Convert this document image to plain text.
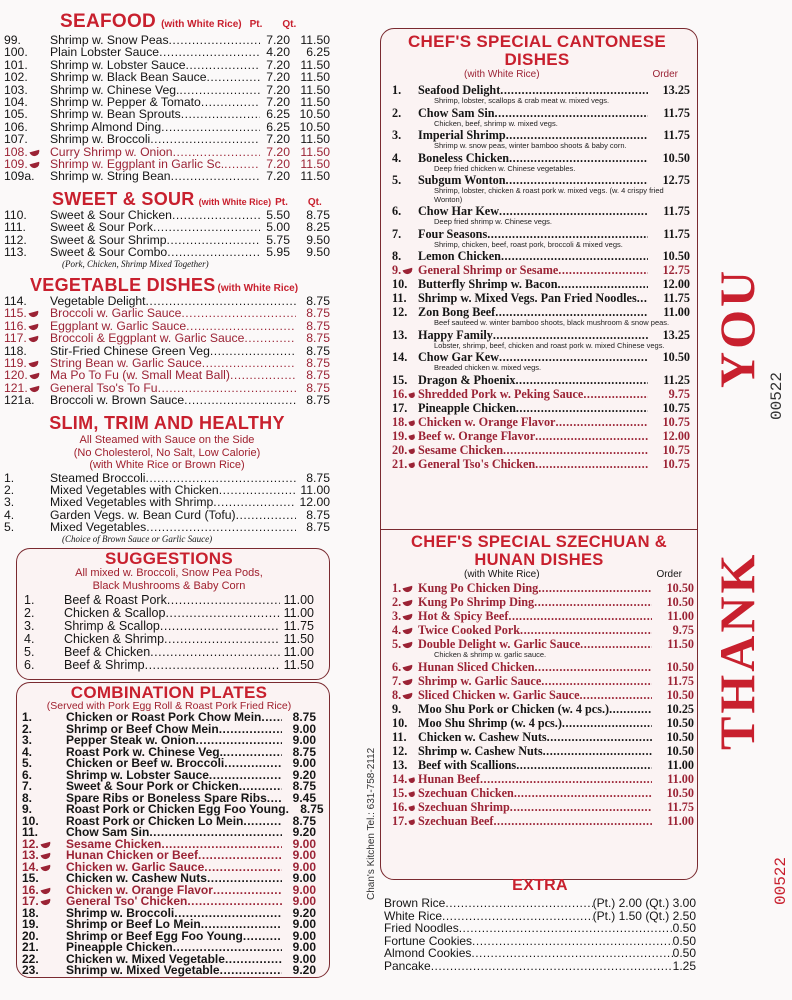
SEAFOOD (with White Rice) Pt. Qt.
99. Shrimp w. Snow Peas .....	7.20 11.50
100. Plain Lobster Sauce .....	4.20	6.25
101. Shrimp w. Lobster Sauce .....	7.20 11.50
102. Shrimp w. Black Bean Sauce .....	7.20 11.50
103. Shrimp w. Chinese Veg. .....	7.20 11.50
104. Shrimp w. Pepper & Tomato .....	7.20 11.50
105. Shrimp w. Bean Sprouts .....	6.25 10.50
106. Shrimp Almond Ding .....	6.25 10.50
107. Shrimp w. Broccoli .....	7.20 11.50
108. Curry Shrimp w. Onion .....	7.20 11.50
109. Shrimp w. Eggplant in Garlic Sc. .....	7.20 11.50
109a. Shrimp w. String Bean .....	7.20 11.50
SWEET & SOUR (with White Rice) Pt. Qt.
110. Sweet & Sour Chicken .....	5.50	8.75
111. Sweet & Sour Pork .....	5.00	8.25
112. Sweet & Sour Shrimp .....	5.75	9.50
113. Sweet & Sour Combo .....	5.95	9.50
(Pork, Chicken, Shrimp Mixed Together)
VEGETABLE DISHES (with White Rice)
114. Vegetable Delight .....	8.75
115. Broccoli w. Garlic Sauce .....	8.75
116. Eggplant w. Garlic Sauce .....	8.75
117. Broccoli & Eggplant w. Garlic Sauce .....	8.75
118. Stir-Fried Chinese Green Veg .....	8.75
119. String Bean w. Garlic Sauce .....	8.75
120. Ma Po To Fu (w. Small Meat Ball) .....	8.75
121. General Tso's To Fu .....	8.75
121a. Broccoli w. Brown Sauce .....	8.75
SLIM, TRIM AND HEALTHY
All Steamed with Sauce on the Side
(No Cholesterol, No Salt, Low Calorie)
(with White Rice or Brown Rice)
1.	Steamed Broccoli .....	8.75
2.	Mixed Vegetables with Chicken .....	11.00
3.	Mixed Vegetables with Shrimp .....	12.00
4.	Garden Vegs. w. Bean Curd (Tofu) .....	8.75
5.	Mixed Vegetables .....	8.75
(Choice of Brown Sauce or Garlic Sauce)
SUGGESTIONS
All mixed w. Broccoli, Snow Pea Pods,
Black Mushrooms & Baby Corn
1. Beef & Roast Pork .....	11.00
2. Chicken & Scallop .....	11.00
3. Shrimp & Scallop .....	11.75
4. Chicken & Shrimp .....	11.50
5. Beef & Chicken .....	11.00
6. Beef & Shrimp .....	11.50
COMBINATION PLATES
(Served with Pork Egg Roll & Roast Pork Fried Rice)
1.	Chicken or Roast Pork Chow Mein .....	8.75
2.	Shrimp or Beef Chow Mein .....	9.00
3.	Pepper Steak w. Onion .....	9.00
4.	Roast Pork w. Chinese Veg. .....	8.75
5.	Chicken or Beef w. Broccoli .....	9.00
6.	Shrimp w. Lobster Sauce .....	9.20
7.	Sweet & Sour Pork or Chicken .....	8.75
8.	Spare Ribs or Boneless Spare Ribs .....	9.45
9.	Roast Pork or Chicken Egg Foo Young .....	8.75
10. Roast Pork or Chicken Lo Mein .....	8.75
11. Chow Sam Sin .....	9.20
12. Sesame Chicken .....	9.00
13. Hunan Chicken or Beef .....	9.00
14. Chicken w. Garlic Sauce .....	9.00
15. Chicken w. Cashew Nuts .....	9.00
16. Chicken w. Orange Flavor .....	9.00
17. General Tso' Chicken .....	9.00
18. Shrimp w. Broccoli .....	9.20
19. Shrimp or Beef Lo Mein .....	9.00
20. Shrimp or Beef Egg Foo Young .....	9.00
21. Pineapple Chicken .....	9.00
22. Chicken w. Mixed Vegetable .....	9.00
23. Shrimp w. Mixed Vegetable .....	9.20
CHEF'S SPECIAL CANTONESE
DISHES
(with White Rice)	Order
1. Seafood Delight .....	13.25
Shrimp, lobster, scallops & crab meat w. mixed vegs.
2. Chow Sam Sin .....	11.75
Chicken, beef, shrimp w. mixed vegs.
3. Imperial Shrimp .....	11.75
Shrimp w. snow peas, winter bamboo shoots & baby corn.
4. Boneless Chicken .....	10.50
Deep fried chicken w. Chinese vegetables.
5. Subgum Wonton .....	12.75
Shrimp, lobster, chicken & roast pork w. mixed vegs. (w. 4 crispy fried Wonton)
6. Chow Har Kew .....	11.75
Deep fried shrimp w. Chinese vegs.
7. Four Seasons .....	11.75
Shrimp, chicken, beef, roast pork, broccoli & mixed vegs.
8. Lemon Chicken .....	10.50
9. General Shrimp or Sesame .....	12.75
10. Butterfly Shrimp w. Bacon .....	12.00
11. Shrimp w. Mixed Vegs. Pan Fried Noodles .....	11.75
12. Zon Bong Beef .....	11.00
Beef sauteed w. winter bamboo shoots, black mushroom & snow peas.
13. Happy Family .....	13.25
Lobster, shrimp, beef, chicken and roast pork w. mixed Chinese vegs.
14. Chow Gar Kew .....	10.50
Breaded chicken w. mixed vegs.
15. Dragon & Phoenix .....	11.25
16. Shredded Pork w. Peking Sauce .....	9.75
17. Pineapple Chicken .....	10.75
18. Chicken w. Orange Flavor .....	10.75
19. Beef w. Orange Flavor .....	12.00
20. Sesame Chicken .....	10.75
21. General Tso's Chicken .....	10.75
CHEF'S SPECIAL SZECHUAN &
HUNAN DISHES
(with White Rice)	Order
1. Kung Po Chicken Ding .....	10.50
2. Kung Po Shrimp Ding .....	10.50
3. Hot & Spicy Beef .....	11.00
4. Twice Cooked Pork .....	9.75
5. Double Delight w. Garlic Sauce .....	11.50
Chicken & shrimp w. garlic sauce.
6. Hunan Sliced Chicken .....	10.50
7. Shrimp w. Garlic Sauce .....	11.75
8. Sliced Chicken w. Garlic Sauce .....	10.50
9. Moo Shu Pork or Chicken (w. 4 pcs.) .....	10.25
10. Moo Shu Shrimp (w. 4 pcs.) .....	10.50
11. Chicken w. Cashew Nuts .....	10.50
12. Shrimp w. Cashew Nuts .....	10.50
13. Beef with Scallions .....	11.00
14. Hunan Beef .....	11.00
15. Szechuan Chicken .....	10.50
16. Szechuan Shrimp .....	11.75
17. Szechuan Beef .....	11.00
EXTRA
Brown Rice .....	(Pt.) 2.00 (Qt.) 3.00
White Rice .....	(Pt.) 1.50 (Qt.) 2.50
Fried Noodles .....	0.50
Fortune Cookies .....	0.50
Almond Cookies .....	0.50
Pancake .....	1.25
THANK YOU 00522
00522
Chan's Kitchen Tel.: 631-758-2112
